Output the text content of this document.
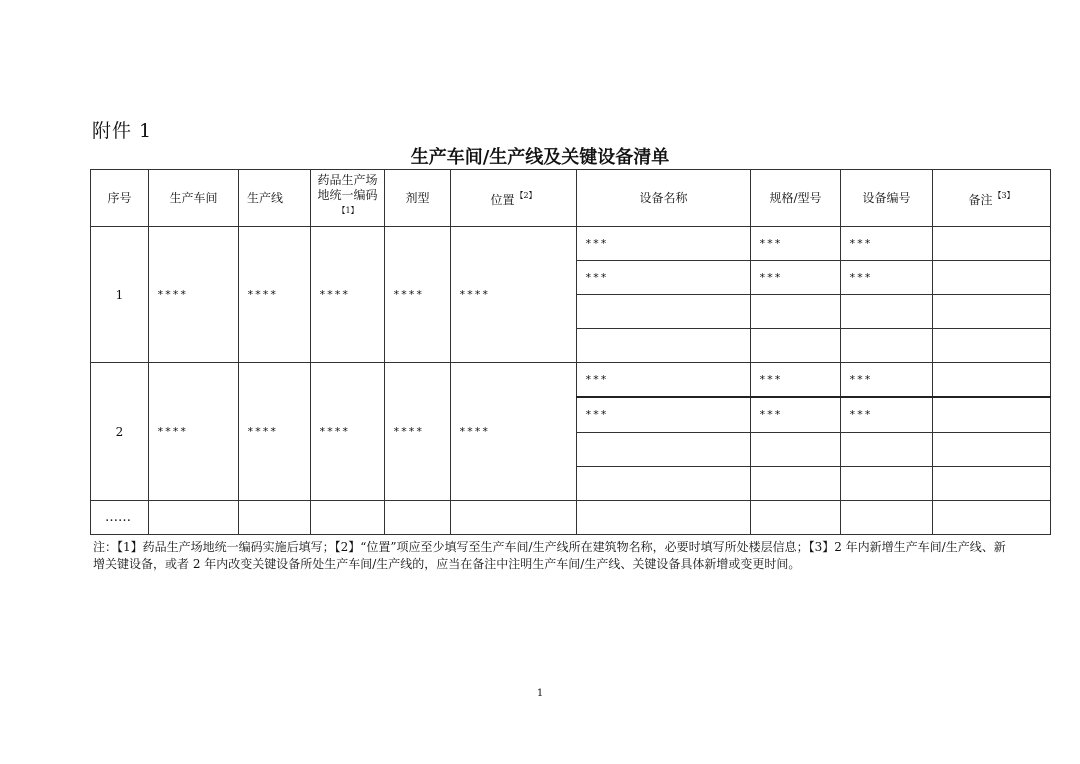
附件 1
生产车间/生产线及关键设备清单
序号	生产车间	生产线	药品生产场地统一编码$^{【1】}$	剂型	位置$^{【2】}$	设备名称	规格/型号	设备编号	备注$^{【3】}$
1	****	****	****	****	****	***	***	***	
						***	***	***	

2	****	****	****	****	****	***	***	***	
						***	***	***	

……									
注：【1】药品生产场地统一编码实施后填写；【2】“位置”项应至少填写至生产车间/生产线所在建筑物名称，必要时填写所处楼层信息；【3】2 年内新增生产车间/生产线、新增关键设备，或者 2 年内改变关键设备所处生产车间/生产线的，应当在备注中注明生产车间/生产线、关键设备具体新增或变更时间。
1
